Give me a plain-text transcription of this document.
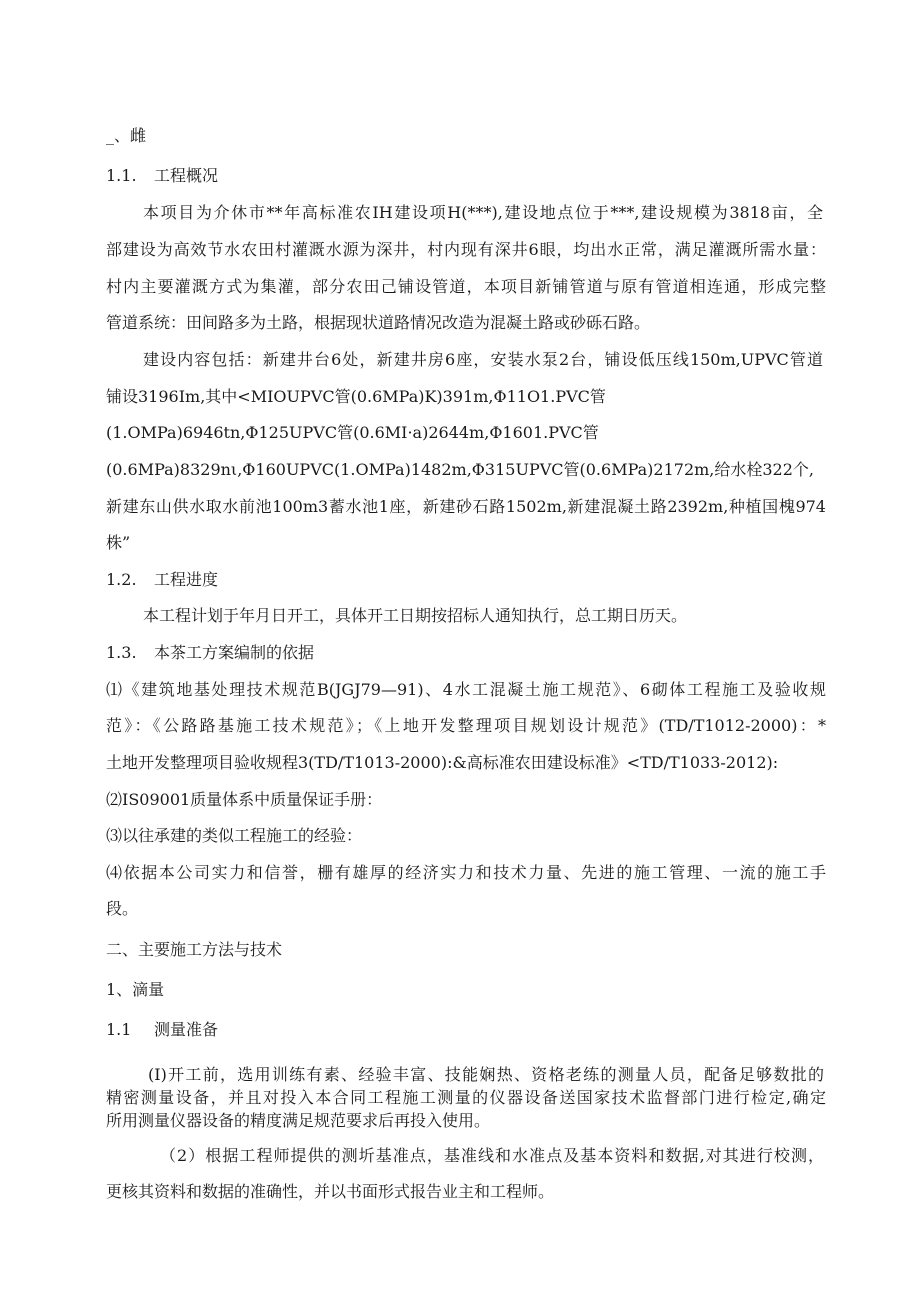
_、雌
1.1. 工程概况
本项目为介休市**年高标准农IH建设项H(***),建设地点位于***,建设规模为3818亩，全
部建设为高效节水农田村灌溉水源为深井，村内现有深井6眼，均出水正常，满足灌溉所需水量：
村内主要灌溉方式为集灌，部分农田己铺设管道，本项目新铺管道与原有管道相连通，形成完整
管道系统：田间路多为土路，根据现状道路情况改造为混凝土路或砂砾石路。
建设内容包括：新建井台6处，新建井房6座，安装水泵2台，铺设低压线150m,UPVC管道
铺设3196Im,其中<MIOUPVC管(0.6MPa)K)391m,Φ11O1.PVC管
(1.OMPa)6946tn,Φ125UPVC管(0.6MI·a)2644m,Φ1601.PVC管
(0.6MPa)8329nι,Φ160UPVC(1.OMPa)1482m,Φ315UPVC管(0.6MPa)2172m,给水栓322个,
新建东山供水取水前池100m3蓄水池1座，新建砂石路1502m,新建混凝土路2392m,种植国槐974
株”
1.2. 工程进度
本工程计划于年月日开工，具体开工日期按招标人通知执行，总工期日历天。
1.3. 本茶工方案编制的依据
⑴《建筑地基处理技术规范B(JGJ79—91)、4水工混凝土施工规范》、6砌体工程施工及验收规
范》：《公路路基施工技术规范》；《上地开发整理项目规划设计规范》(TD/T1012-2000)：*
土地开发整理项目验收规程3(TD/T1013-2000):&高标准农田建设标准》<TD/T1033-2012):
⑵IS09001质量体系中质量保证手册：
⑶以往承建的类似工程施工的经验：
⑷依据本公司实力和信誉，栅有雄厚的经济实力和技术力量、先进的施工管理、一流的施工手
段。
二、主要施工方法与技术
1、滴量
1.1 测量准备
(I)开工前，选用训练有素、经验丰富、技能娴热、资格老练的测量人员，配备足够数批的
精密测量设备，并且对投入本合同工程施工测量的仪器设备送国家技术监督部门进行检定,确定
所用测量仪器设备的精度满足规范要求后再投入使用。
（2）根据工程师提供的测圻基准点，基准线和水准点及基本资料和数据,对其进行校测，
更核其资料和数据的准确性，并以书面形式报告业主和工程师。
